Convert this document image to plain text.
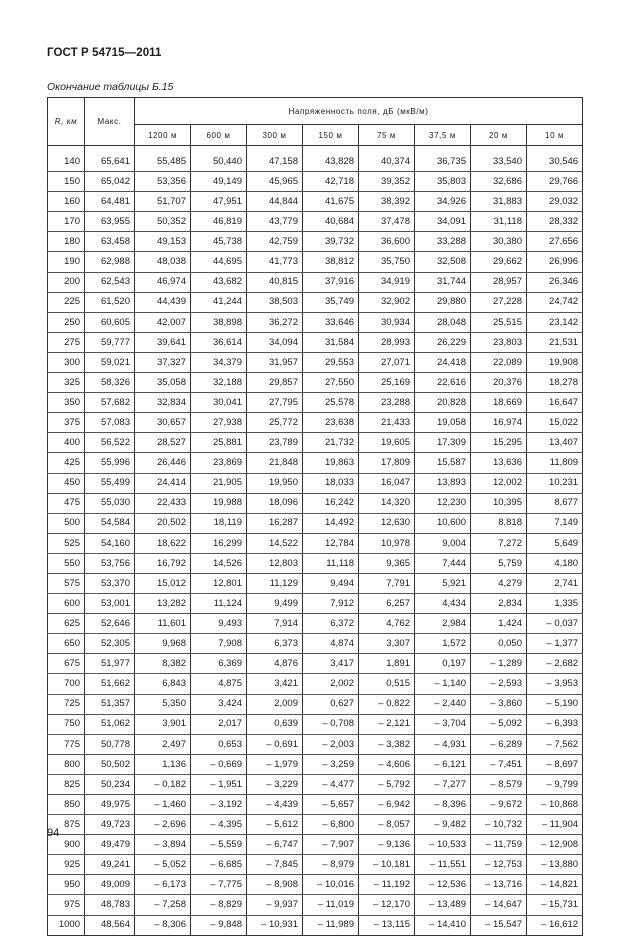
ГОСТ Р 54715—2011
Окончание таблицы Б.15
R, км	Макс.	Напряженность поля, дБ (мкВ/м)							
		1200 м	600 м	300 м	150 м	75 м	37,5 м	20 м	10 м

140	65,641	55,485	50,440	47,158	43,828	40,374	36,735	33,540	30,546
150	65,042	53,356	49,149	45,965	42,718	39,352	35,803	32,686	29,766
160	64,481	51,707	47,951	44,844	41,675	38,392	34,926	31,883	29,032
170	63,955	50,352	46,819	43,779	40,684	37,478	34,091	31,118	28,332
180	63,458	49,153	45,738	42,759	39,732	36,600	33,288	30,380	27,656
190	62,988	48,038	44,695	41,773	38,812	35,750	32,508	29,662	26,996
200	62,543	46,974	43,682	40,815	37,916	34,919	31,744	28,957	26,346
225	61,520	44,439	41,244	38,503	35,749	32,902	29,880	27,228	24,742
250	60,605	42,007	38,898	36,272	33,646	30,934	28,048	25,515	23,142
275	59,777	39,641	36,614	34,094	31,584	28,993	26,229	23,803	21,531
300	59,021	37,327	34,379	31,957	29,553	27,071	24,418	22,089	19,908
325	58,326	35,058	32,188	29,857	27,550	25,169	22,616	20,376	18,278
350	57,682	32,834	30,041	27,795	25,578	23,288	20,828	18,669	16,647
375	57,083	30,657	27,938	25,772	23,638	21,433	19,058	16,974	15,022
400	56,522	28,527	25,881	23,789	21,732	19,605	17,309	15,295	13,407
425	55,996	26,446	23,869	21,848	19,863	17,809	15,587	13,636	11,809
450	55,499	24,414	21,905	19,950	18,033	16,047	13,893	12,002	10,231
475	55,030	22,433	19,988	18,096	16,242	14,320	12,230	10,395	8,677
500	54,584	20,502	18,119	16,287	14,492	12,630	10,600	8,818	7,149
525	54,160	18,622	16,299	14,522	12,784	10,978	9,004	7,272	5,649
550	53,756	16,792	14,526	12,803	11,118	9,365	7,444	5,759	4,180
575	53,370	15,012	12,801	11,129	9,494	7,791	5,921	4,279	2,741
600	53,001	13,282	11,124	9,499	7,912	6,257	4,434	2,834	1,335
625	52,646	11,601	9,493	7,914	6,372	4,762	2,984	1,424	– 0,037
650	52,305	9,968	7,908	6,373	4,874	3,307	1,572	0,050	– 1,377
675	51,977	8,382	6,369	4,876	3,417	1,891	0,197	– 1,289	– 2,682
700	51,662	6,843	4,875	3,421	2,002	0,515	– 1,140	– 2,593	– 3,953
725	51,357	5,350	3,424	2,009	0,627	– 0,822	– 2,440	– 3,860	– 5,190
750	51,062	3,901	2,017	0,639	– 0,708	– 2,121	– 3,704	– 5,092	– 6,393
775	50,778	2,497	0,653	– 0,691	– 2,003	– 3,382	– 4,931	– 6,289	– 7,562
800	50,502	1,136	– 0,669	– 1,979	– 3,259	– 4,606	– 6,121	– 7,451	– 8,697
825	50,234	– 0,182	– 1,951	– 3,229	– 4,477	– 5,792	– 7,277	– 8,579	– 9,799
850	49,975	– 1,460	– 3,192	– 4,439	– 5,657	– 6,942	– 8,396	– 9,672	– 10,868
875	49,723	– 2,696	– 4,395	– 5,612	– 6,800	– 8,057	– 9,482	– 10,732	– 11,904
900	49,479	– 3,894	– 5,559	– 6,747	– 7,907	– 9,136	– 10,533	– 11,759	– 12,908
925	49,241	– 5,052	– 6,685	– 7,845	– 8,979	– 10,181	– 11,551	– 12,753	– 13,880
950	49,009	– 6,173	– 7,775	– 8,908	– 10,016	– 11,192	– 12,536	– 13,716	– 14,821
975	48,783	– 7,258	– 8,829	– 9,937	– 11,019	– 12,170	– 13,489	– 14,647	– 15,731
1000	48,564	– 8,306	– 9,848	– 10,931	– 11,989	– 13,115	– 14,410	– 15,547	– 16,612
94
